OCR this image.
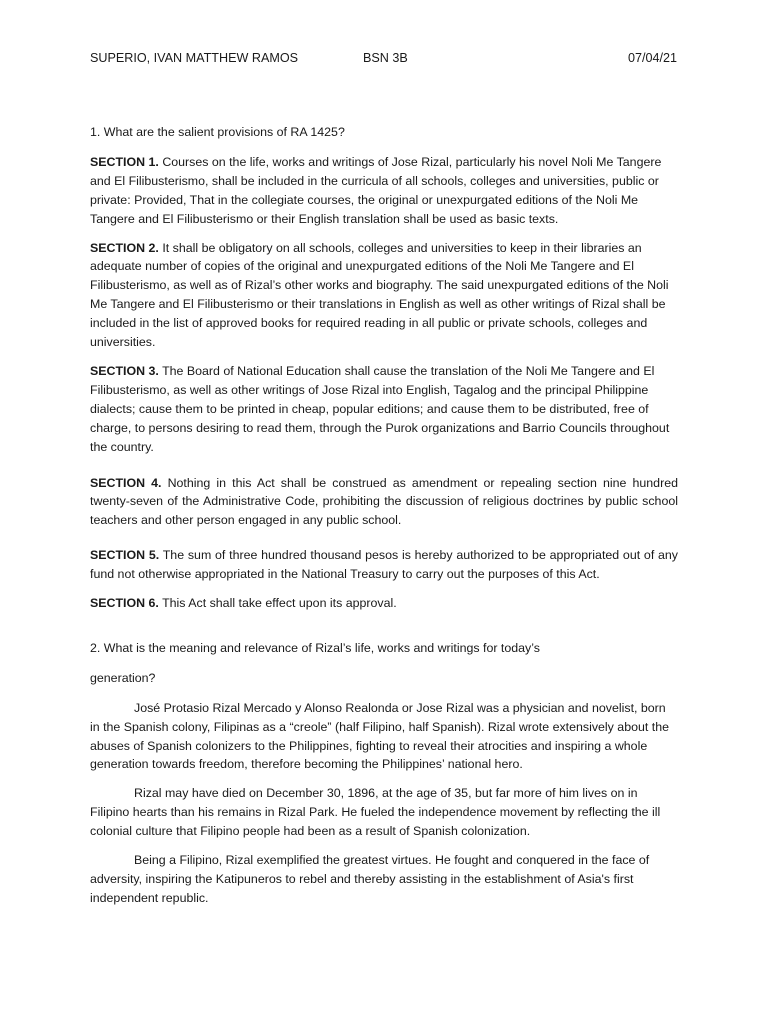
SUPERIO, IVAN MATTHEW RAMOS	BSN 3B	07/04/21

1. What are the salient provisions of RA 1425?

SECTION 1. Courses on the life, works and writings of Jose Rizal, particularly his novel Noli Me Tangere and El Filibusterismo, shall be included in the curricula of all schools, colleges and universities, public or private: Provided, That in the collegiate courses, the original or unexpurgated editions of the Noli Me Tangere and El Filibusterismo or their English translation shall be used as basic texts.

SECTION 2. It shall be obligatory on all schools, colleges and universities to keep in their libraries an adequate number of copies of the original and unexpurgated editions of the Noli Me Tangere and El Filibusterismo, as well as of Rizal’s other works and biography. The said unexpurgated editions of the Noli Me Tangere and El Filibusterismo or their translations in English as well as other writings of Rizal shall be included in the list of approved books for required reading in all public or private schools, colleges and universities.

SECTION 3. The Board of National Education shall cause the translation of the Noli Me Tangere and El Filibusterismo, as well as other writings of Jose Rizal into English, Tagalog and the principal Philippine dialects; cause them to be printed in cheap, popular editions; and cause them to be distributed, free of charge, to persons desiring to read them, through the Purok organizations and Barrio Councils throughout the country.

SECTION 4. Nothing in this Act shall be construed as amendment or repealing section nine hundred twenty-seven of the Administrative Code, prohibiting the discussion of religious doctrines by public school teachers and other person engaged in any public school.

SECTION 5. The sum of three hundred thousand pesos is hereby authorized to be appropriated out of any fund not otherwise appropriated in the National Treasury to carry out the purposes of this Act.

SECTION 6. This Act shall take effect upon its approval.

2. What is the meaning and relevance of Rizal’s life, works and writings for today’s

generation?

José Protasio Rizal Mercado y Alonso Realonda or Jose Rizal was a physician and novelist, born in the Spanish colony, Filipinas as a “creole” (half Filipino, half Spanish). Rizal wrote extensively about the abuses of Spanish colonizers to the Philippines, fighting to reveal their atrocities and inspiring a whole generation towards freedom, therefore becoming the Philippines’ national hero.

Rizal may have died on December 30, 1896, at the age of 35, but far more of him lives on in Filipino hearts than his remains in Rizal Park. He fueled the independence movement by reflecting the ill colonial culture that Filipino people had been as a result of Spanish colonization.

Being a Filipino, Rizal exemplified the greatest virtues. He fought and conquered in the face of adversity, inspiring the Katipuneros to rebel and thereby assisting in the establishment of Asia's first independent republic.
